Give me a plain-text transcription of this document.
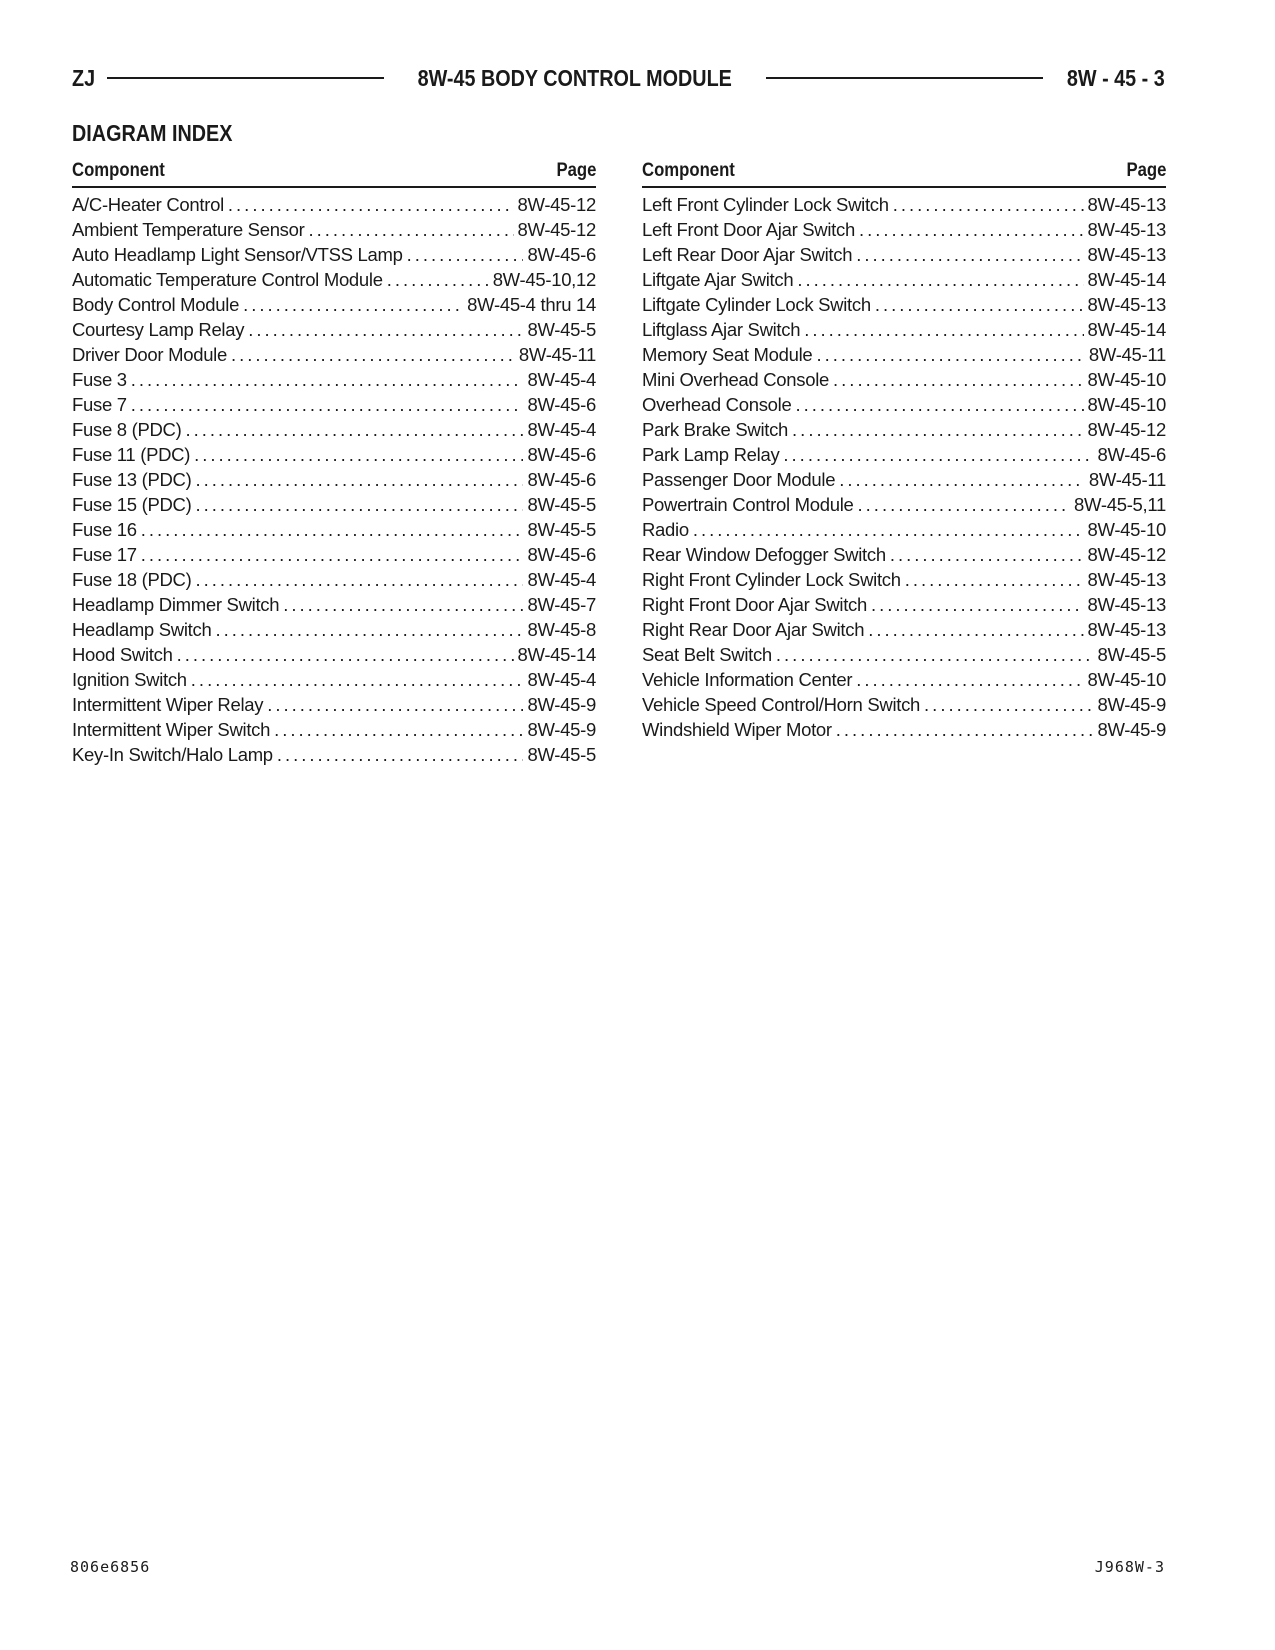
ZJ	8W-45 BODY CONTROL MODULE	8W - 45 - 3
DIAGRAM INDEX
Component	Page
A/C-Heater Control .....	8W-45-12
Ambient Temperature Sensor .....	8W-45-12
Auto Headlamp Light Sensor/VTSS Lamp .....	8W-45-6
Automatic Temperature Control Module .....	8W-45-10,12
Body Control Module .....	8W-45-4 thru 14
Courtesy Lamp Relay .....	8W-45-5
Driver Door Module .....	8W-45-11
Fuse 3 .....	8W-45-4
Fuse 7 .....	8W-45-6
Fuse 8 (PDC) .....	8W-45-4
Fuse 11 (PDC) .....	8W-45-6
Fuse 13 (PDC) .....	8W-45-6
Fuse 15 (PDC) .....	8W-45-5
Fuse 16 .....	8W-45-5
Fuse 17 .....	8W-45-6
Fuse 18 (PDC) .....	8W-45-4
Headlamp Dimmer Switch .....	8W-45-7
Headlamp Switch .....	8W-45-8
Hood Switch .....	8W-45-14
Ignition Switch .....	8W-45-4
Intermittent Wiper Relay .....	8W-45-9
Intermittent Wiper Switch .....	8W-45-9
Key-In Switch/Halo Lamp .....	8W-45-5
Component	Page
Left Front Cylinder Lock Switch .....	8W-45-13
Left Front Door Ajar Switch .....	8W-45-13
Left Rear Door Ajar Switch .....	8W-45-13
Liftgate Ajar Switch .....	8W-45-14
Liftgate Cylinder Lock Switch .....	8W-45-13
Liftglass Ajar Switch .....	8W-45-14
Memory Seat Module .....	8W-45-11
Mini Overhead Console .....	8W-45-10
Overhead Console .....	8W-45-10
Park Brake Switch .....	8W-45-12
Park Lamp Relay .....	8W-45-6
Passenger Door Module .....	8W-45-11
Powertrain Control Module .....	8W-45-5,11
Radio .....	8W-45-10
Rear Window Defogger Switch .....	8W-45-12
Right Front Cylinder Lock Switch .....	8W-45-13
Right Front Door Ajar Switch .....	8W-45-13
Right Rear Door Ajar Switch .....	8W-45-13
Seat Belt Switch .....	8W-45-5
Vehicle Information Center .....	8W-45-10
Vehicle Speed Control/Horn Switch .....	8W-45-9
Windshield Wiper Motor .....	8W-45-9
806e6856	J968W-3
